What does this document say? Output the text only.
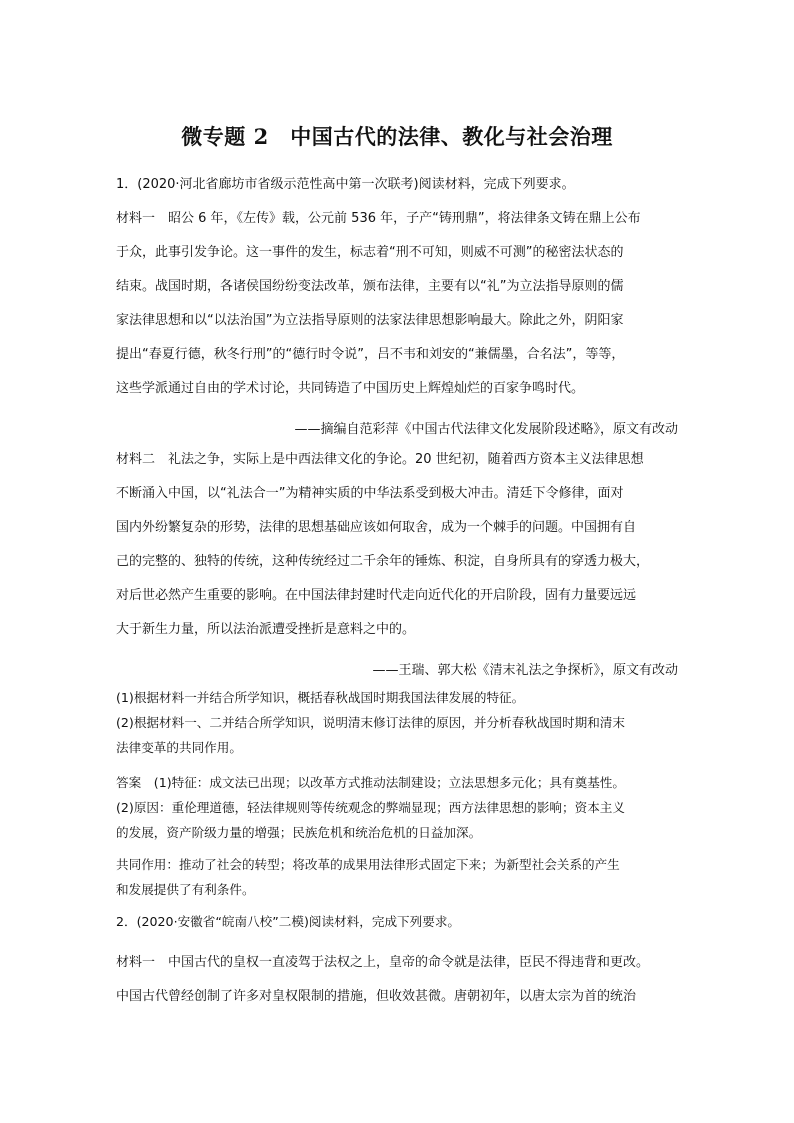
微专题 2　中国古代的法律、教化与社会治理
1．(2020·河北省廊坊市省级示范性高中第一次联考)阅读材料，完成下列要求。
材料一　昭公 6 年，《左传》载，公元前 536 年，子产“铸刑鼎”，将法律条文铸在鼎上公布
于众，此事引发争论。这一事件的发生，标志着“刑不可知，则威不可测”的秘密法状态的
结束。战国时期，各诸侯国纷纷变法改革，颁布法律，主要有以“礼”为立法指导原则的儒
家法律思想和以“以法治国”为立法指导原则的法家法律思想影响最大。除此之外，阴阳家
提出“春夏行德，秋冬行刑”的“德行时令说”，吕不韦和刘安的“兼儒墨，合名法”，等等，
这些学派通过自由的学术讨论，共同铸造了中国历史上辉煌灿烂的百家争鸣时代。
——摘编自范彩萍《中国古代法律文化发展阶段述略》，原文有改动
材料二　礼法之争，实际上是中西法律文化的争论。20 世纪初，随着西方资本主义法律思想
不断涌入中国，以“礼法合一”为精神实质的中华法系受到极大冲击。清廷下令修律，面对
国内外纷繁复杂的形势，法律的思想基础应该如何取舍，成为一个棘手的问题。中国拥有自
己的完整的、独特的传统，这种传统经过二千余年的锤炼、积淀，自身所具有的穿透力极大，
对后世必然产生重要的影响。在中国法律封建时代走向近代化的开启阶段，固有力量要远远
大于新生力量，所以法治派遭受挫折是意料之中的。
——王瑞、郭大松《清末礼法之争探析》，原文有改动
(1)根据材料一并结合所学知识，概括春秋战国时期我国法律发展的特征。
(2)根据材料一、二并结合所学知识，说明清末修订法律的原因，并分析春秋战国时期和清末
法律变革的共同作用。
答案　(1)特征：成文法已出现；以改革方式推动法制建设；立法思想多元化；具有奠基性。
(2)原因：重伦理道德，轻法律规则等传统观念的弊端显现；西方法律思想的影响；资本主义
的发展，资产阶级力量的增强；民族危机和统治危机的日益加深。
共同作用：推动了社会的转型；将改革的成果用法律形式固定下来；为新型社会关系的产生
和发展提供了有利条件。
2．(2020·安徽省“皖南八校”二模)阅读材料，完成下列要求。
材料一　中国古代的皇权一直凌驾于法权之上，皇帝的命令就是法律，臣民不得违背和更改。
中国古代曾经创制了许多对皇权限制的措施，但收效甚微。唐朝初年，以唐太宗为首的统治
